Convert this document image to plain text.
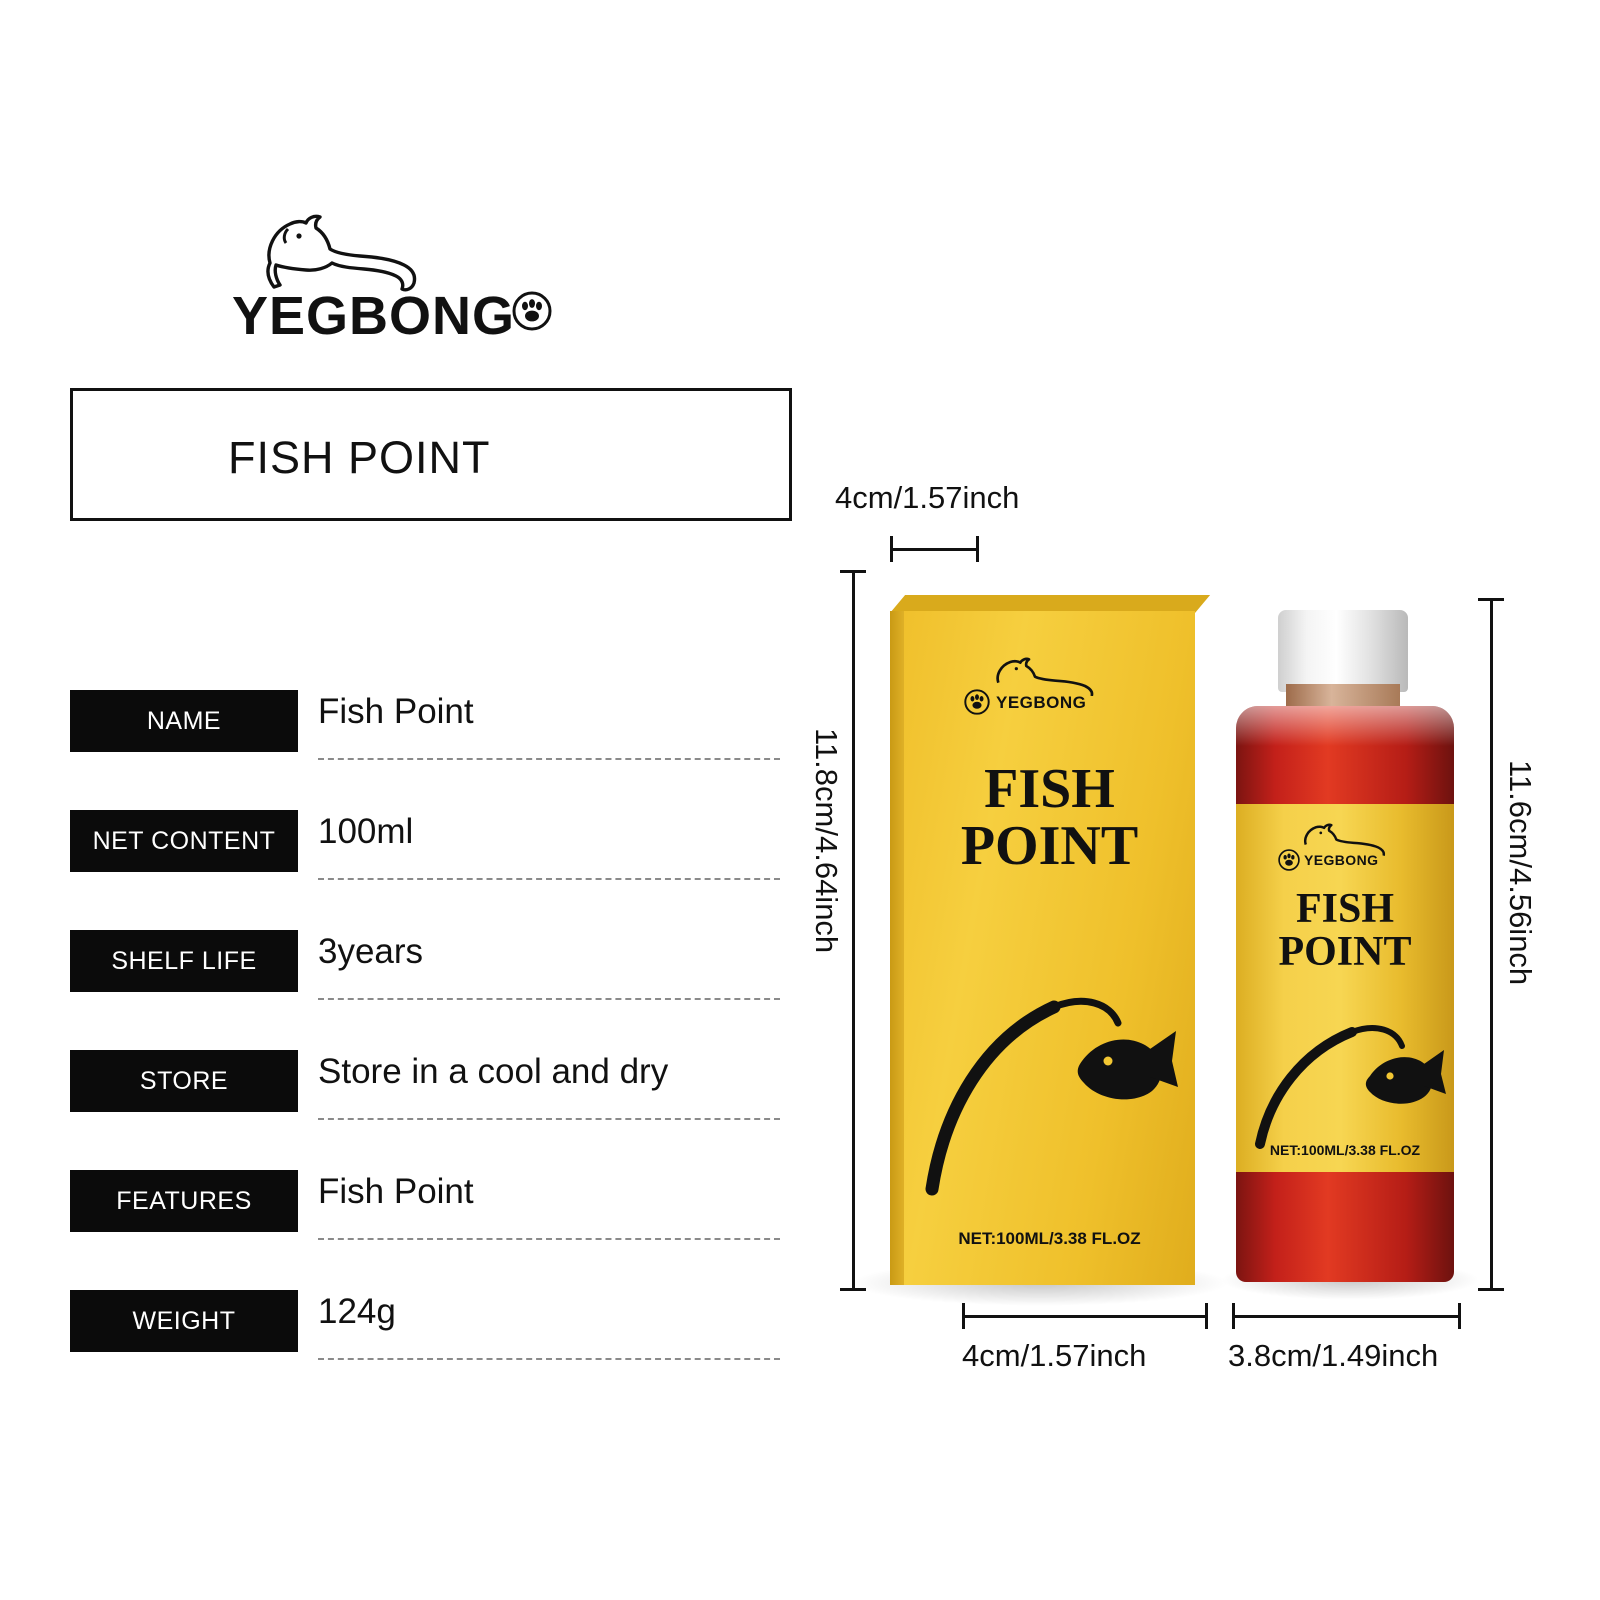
YEGBONG
FISH POINT
NAME	Fish Point
NET CONTENT	100ml
SHELF LIFE	3years
STORE	Store in a cool and dry
FEATURES	Fish Point
WEIGHT	124g
YEGBONG
FISH
POINT
NET:100ML/3.38 FL.OZ
YEGBONG
FISH
POINT
NET:100ML/3.38 FL.OZ
4cm/1.57inch
11.8cm/4.64inch
4cm/1.57inch	3.8cm/1.49inch
11.6cm/4.56inch
